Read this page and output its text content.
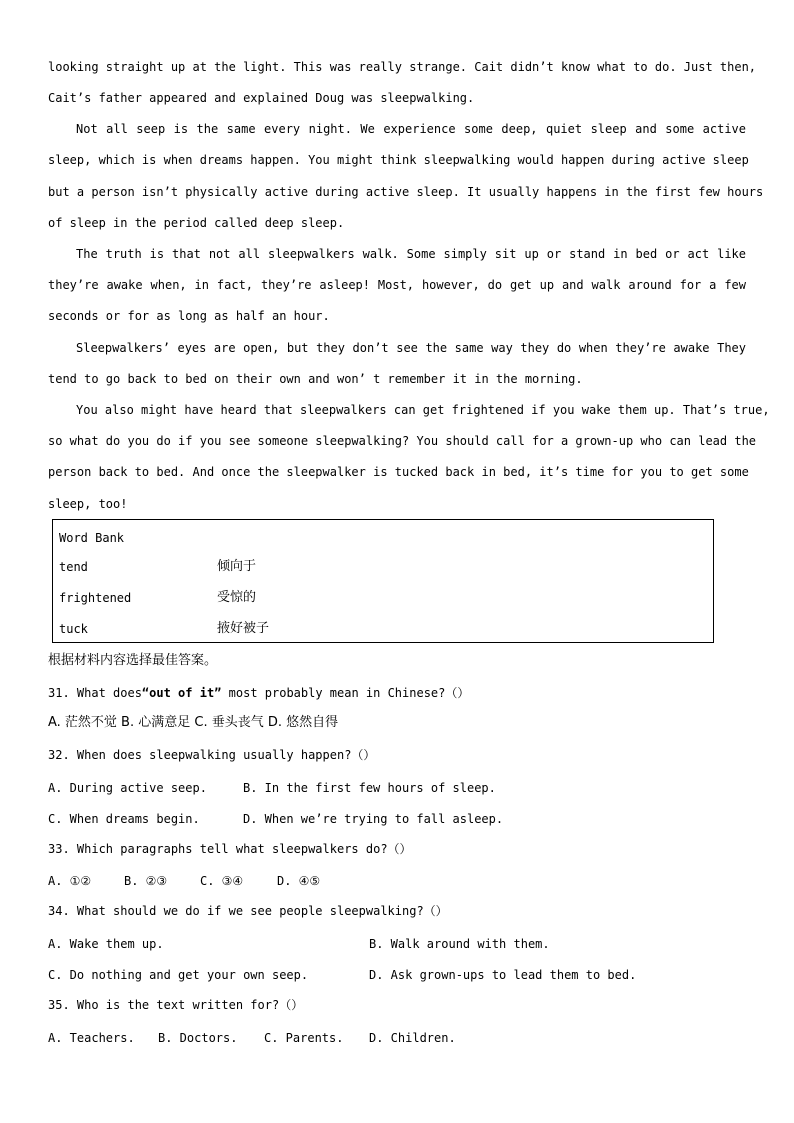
looking straight up at the light. This was really strange. Cait didn’t know what to do. Just then,
Cait’s father appeared and explained Doug was sleepwalking.
Not all seep is the same every night. We experience some deep, quiet sleep and some active
sleep, which is when dreams happen. You might think sleepwalking would happen during active sleep
but a person isn’t physically active during active sleep. It usually happens in the first few hours
of sleep in the period called deep sleep.
The truth is that not all sleepwalkers walk. Some simply sit up or stand in bed or act like
they’re awake when, in fact, they’re asleep! Most, however, do get up and walk around for a few
seconds or for as long as half an hour.
Sleepwalkers’ eyes are open, but they don’t see the same way they do when they’re awake They
tend to go back to bed on their own and won’ t remember it in the morning.
You also might have heard that sleepwalkers can get frightened if you wake them up. That’s true,
so what do you do if you see someone sleepwalking? You should call for a grown-up who can lead the
person back to bed. And once the sleepwalker is tucked back in bed, it’s time for you to get some
sleep, too!
Word Bank
tend	倾向于
frightened	受惊的
tuck	掖好被子
根据材料内容选择最佳答案。
31. What does“out of it” most probably mean in Chinese?（）
A. 茫然不觉 B. 心满意足 C. 垂头丧气 D. 悠然自得
32. When does sleepwalking usually happen?（）
A. During active seep.	B. In the first few hours of sleep.
C. When dreams begin.	D. When we’re trying to fall asleep.
33. Which paragraphs tell what sleepwalkers do?（）
A. ①②	B. ②③	C. ③④	D. ④⑤
34. What should we do if we see people sleepwalking?（）
A. Wake them up.	B. Walk around with them.
C. Do nothing and get your own seep.	D. Ask grown-ups to lead them to bed.
35. Who is the text written for?（）
A. Teachers. B. Doctors. C. Parents. D. Children.
